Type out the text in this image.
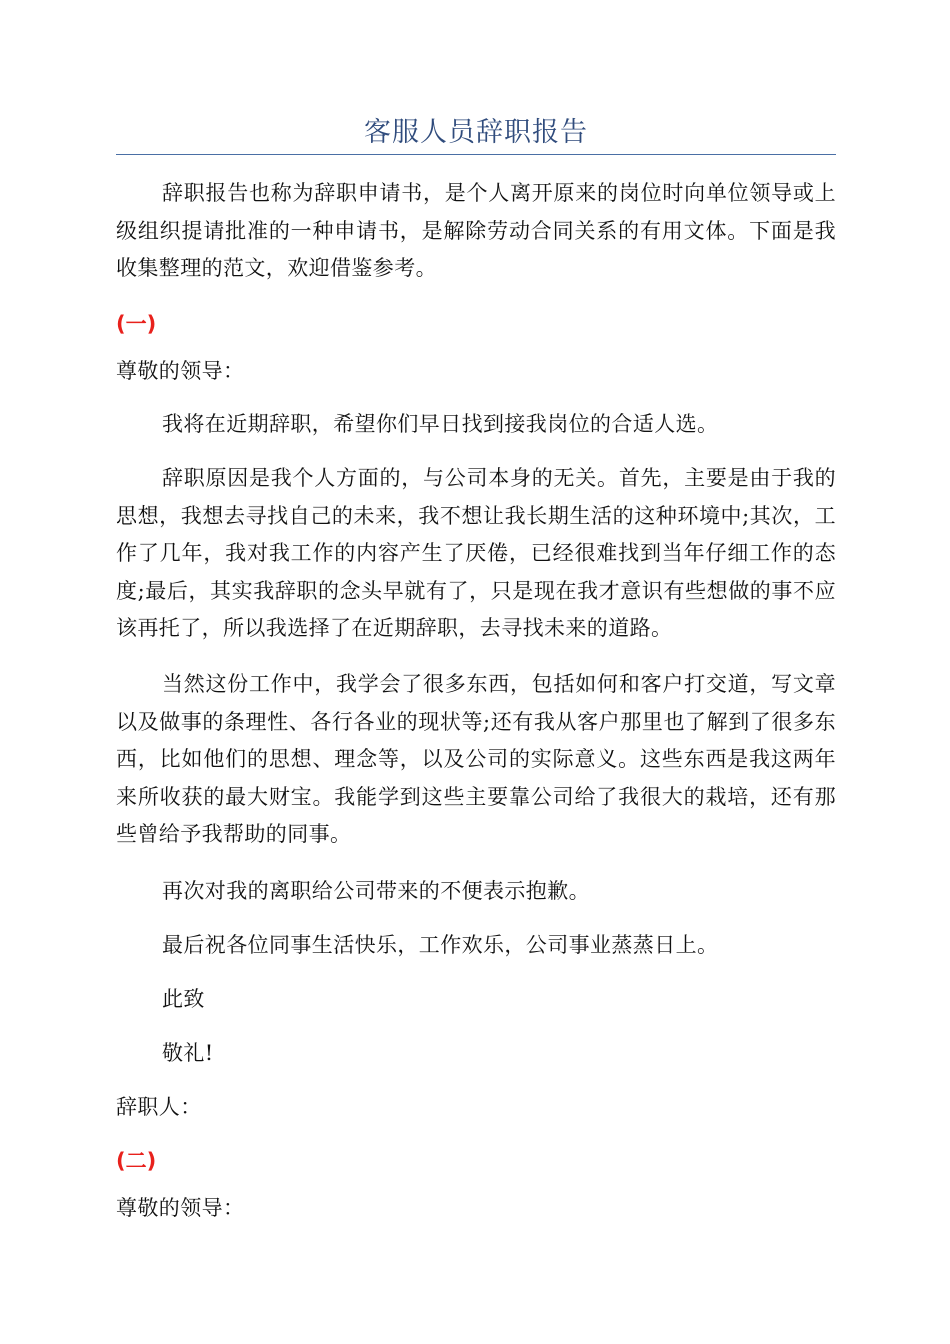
客服人员辞职报告

辞职报告也称为辞职申请书，是个人离开原来的岗位时向单位领导或上级组织提请批准的一种申请书，是解除劳动合同关系的有用文体。下面是我收集整理的范文，欢迎借鉴参考。

(一)

尊敬的领导：

我将在近期辞职，希望你们早日找到接我岗位的合适人选。

辞职原因是我个人方面的，与公司本身的无关。首先，主要是由于我的思想，我想去寻找自己的未来，我不想让我长期生活的这种环境中;其次，工作了几年，我对我工作的内容产生了厌倦，已经很难找到当年仔细工作的态度;最后，其实我辞职的念头早就有了，只是现在我才意识有些想做的事不应该再托了，所以我选择了在近期辞职，去寻找未来的道路。

当然这份工作中，我学会了很多东西，包括如何和客户打交道，写文章以及做事的条理性、各行各业的现状等;还有我从客户那里也了解到了很多东西，比如他们的思想、理念等，以及公司的实际意义。这些东西是我这两年来所收获的最大财宝。我能学到这些主要靠公司给了我很大的栽培，还有那些曾给予我帮助的同事。

再次对我的离职给公司带来的不便表示抱歉。

最后祝各位同事生活快乐，工作欢乐，公司事业蒸蒸日上。

此致

敬礼!

辞职人：

(二)

尊敬的领导：
